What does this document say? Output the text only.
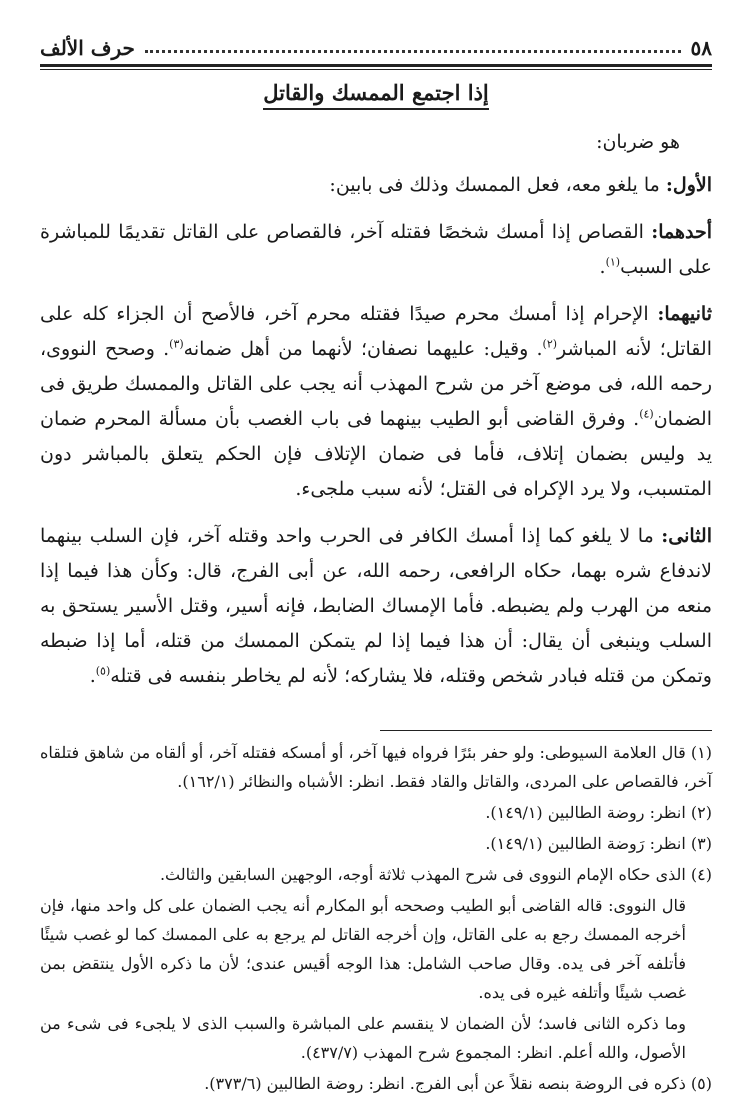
٥٨
حرف الألف
إذا اجتمع الممسك والقاتل

هو ضربان:

الأول: ما يلغو معه، فعل الممسك وذلك فى بابين:

أحدهما: القصاص إذا أمسك شخصًا فقتله آخر، فالقصاص على القاتل تقديمًا للمباشرة على السبب$^{(١)}$.

ثانيهما: الإحرام إذا أمسك محرم صيدًا فقتله محرم آخر، فالأصح أن الجزاء كله على القاتل؛ لأنه المباشر$^{(٢)}$. وقيل: عليهما نصفان؛ لأنهما من أهل ضمانه$^{(٣)}$. وصحح النووى، رحمه الله، فى موضع آخر من شرح المهذب أنه يجب على القاتل والممسك طريق فى الضمان$^{(٤)}$. وفرق القاضى أبو الطيب بينهما فى باب الغصب بأن مسألة المحرم ضمان يد وليس بضمان إتلاف، فأما فى ضمان الإتلاف فإن الحكم يتعلق بالمباشر دون المتسبب، ولا يرد الإكراه فى القتل؛ لأنه سبب ملجىء.

الثانى: ما لا يلغو كما إذا أمسك الكافر فى الحرب واحد وقتله آخر، فإن السلب بينهما لاندفاع شره بهما، حكاه الرافعى، رحمه الله، عن أبى الفرج، قال: وكأن هذا فيما إذا منعه من الهرب ولم يضبطه. فأما الإمساك الضابط، فإنه أسير، وقتل الأسير يستحق به السلب وينبغى أن يقال: أن هذا فيما إذا لم يتمكن الممسك من قتله، أما إذا ضبطه وتمكن من قتله فبادر شخص وقتله، فلا يشاركه؛ لأنه لم يخاطر بنفسه فى قتله$^{(٥)}$.

(١) قال العلامة السيوطى: ولو حفر بئرًا فرواه فيها آخر، أو أمسكه فقتله آخر، أو ألقاه من شاهق فتلقاه آخر، فالقصاص على المردى، والقاتل والقاد فقط. انظر: الأشباه والنظائر (١٦٢/١).

(٢) انظر: روضة الطالبين (١٤٩/١).

(٣) انظر: رَوضة الطالبين (١٤٩/١).

(٤) الذى حكاه الإمام النووى فى شرح المهذب ثلاثة أوجه، الوجهين السابقين والثالث.

قال النووى: قاله القاضى أبو الطيب وصححه أبو المكارم أنه يجب الضمان على كل واحد منها، فإن أخرجه الممسك رجع به على القاتل، وإن أخرجه القاتل لم يرجع به على الممسك كما لو غصب شيئًا فأتلفه آخر فى يده. وقال صاحب الشامل: هذا الوجه أقيس عندى؛ لأن ما ذكره الأول ينتقض بمن غصب شيئًا وأتلفه غيره فى يده.

وما ذكره الثانى فاسد؛ لأن الضمان لا ينقسم على المباشرة والسبب الذى لا يلجىء فى شىء من الأصول، والله أعلم. انظر: المجموع شرح المهذب (٤٣٧/٧).

(٥) ذكره فى الروضة بنصه نقلاً عن أبى الفرج. انظر: روضة الطالبين (٣٧٣/٦).
